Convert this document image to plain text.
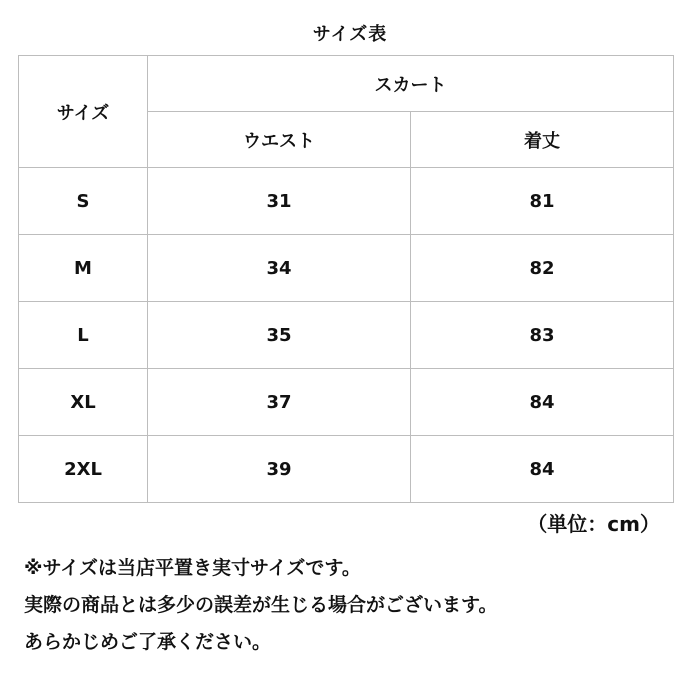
サイズ表
サイズ	スカート	
	ウエスト	着丈
S	31	81
M	34	82
L	35	83
XL	37	84
2XL	39	84
（単位：cm）
※サイズは当店平置き実寸サイズです。
実際の商品とは多少の誤差が生じる場合がございます。
あらかじめご了承ください。
